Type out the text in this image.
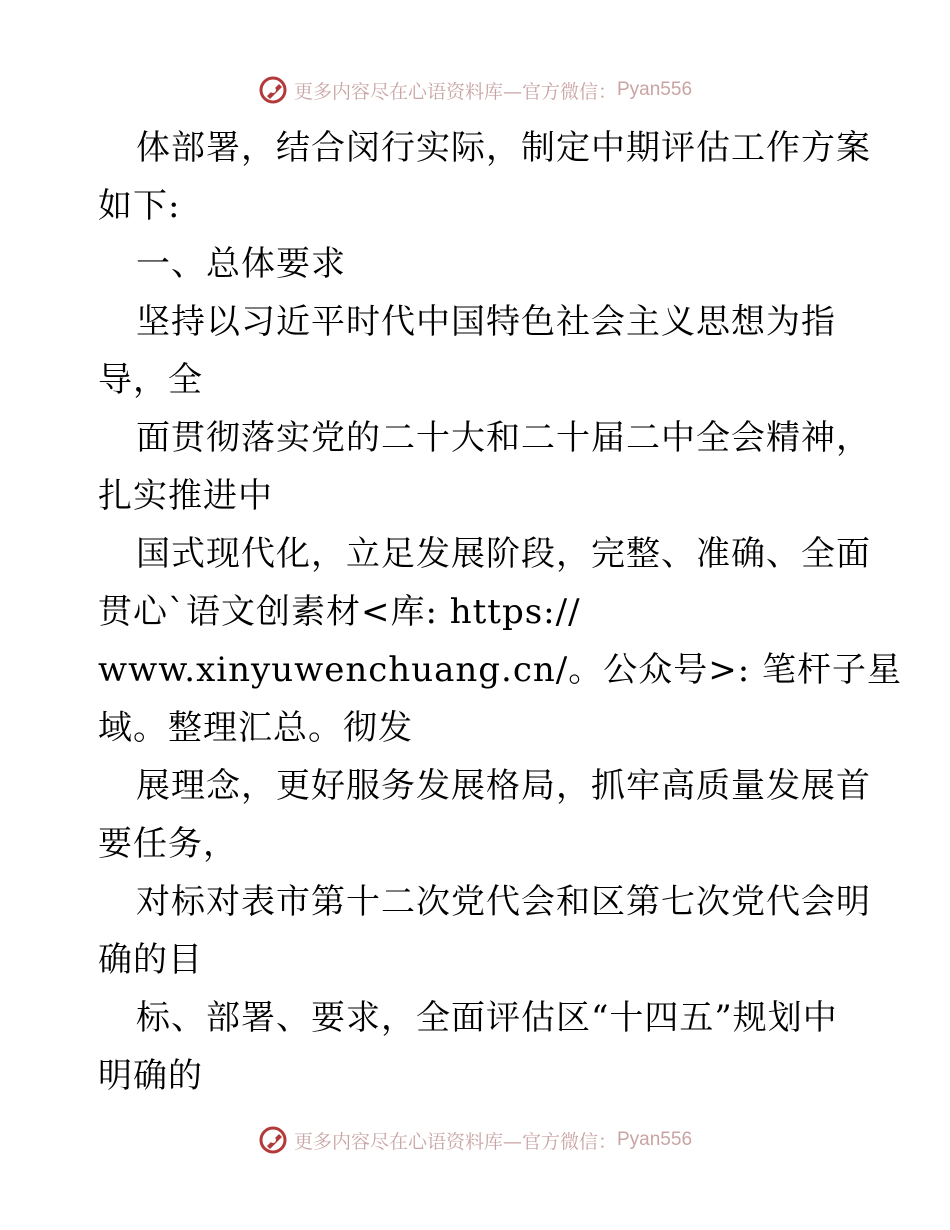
更多内容尽在心语资料库—官方微信： Pyan556
体部署，结合闵行实际，制定中期评估工作方案
如下:
一、总体要求
坚持以习近平时代中国特色社会主义思想为指
导，全
面贯彻落实党的二十大和二十届二中全会精神，
扎实推进中
国式现代化，立足发展阶段，完整、准确、全面
贯心`语文创素材<库: https://
www.xinyuwenchuang.cn/。公众号>: 笔杆子星
域。整理汇总。彻发
展理念，更好服务发展格局，抓牢高质量发展首
要任务，
对标对表市第十二次党代会和区第七次党代会明
确的目
标、部署、要求，全面评估区“十四五”规划中
明确的
更多内容尽在心语资料库—官方微信： Pyan556
